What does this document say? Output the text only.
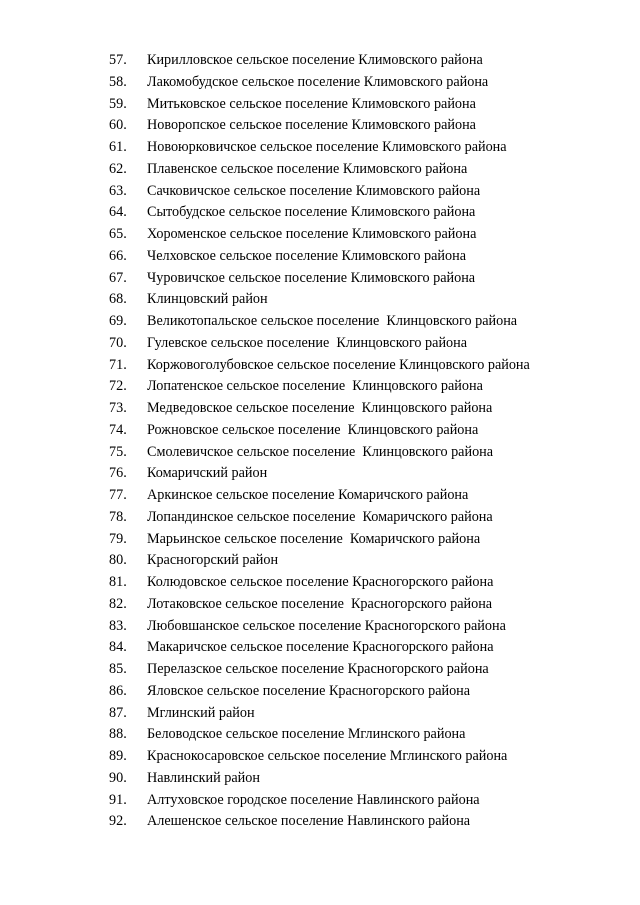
57. Кирилловское сельское поселение Климовского района
58. Лакомобудское сельское поселение Климовского района
59. Митьковское сельское поселение Климовского района
60. Новоропское сельское поселение Климовского района
61. Новоюрковичское сельское поселение Климовского района
62. Плавенское сельское поселение Климовского района
63. Сачковичское сельское поселение Климовского района
64. Сытобудское сельское поселение Климовского района
65. Хороменское сельское поселение Климовского района
66. Челховское сельское поселение Климовского района
67. Чуровичское сельское поселение Климовского района
68. Клинцовский район
69. Великотопальское сельское поселение  Клинцовского района
70. Гулевское сельское поселение  Клинцовского района
71. Коржовоголубовское сельское поселение Клинцовского района
72. Лопатенское сельское поселение  Клинцовского района
73. Медведовское сельское поселение  Клинцовского района
74. Рожновское сельское поселение  Клинцовского района
75. Смолевичское сельское поселение  Клинцовского района
76. Комаричский район
77. Аркинское сельское поселение Комаричского района
78. Лопандинское сельское поселение  Комаричского района
79. Марьинское сельское поселение  Комаричского района
80. Красногорский район
81. Колюдовское сельское поселение Красногорского района
82. Лотаковское сельское поселение  Красногорского района
83. Любовшанское сельское поселение Красногорского района
84. Макаричское сельское поселение Красногорского района
85. Перелазское сельское поселение Красногорского района
86. Яловское сельское поселение Красногорского района
87. Мглинский район
88. Беловодское сельское поселение Мглинского района
89. Краснокосаровское сельское поселение Мглинского района
90. Навлинский район
91. Алтуховское городское поселение Навлинского района
92. Алешенское сельское поселение Навлинского района
